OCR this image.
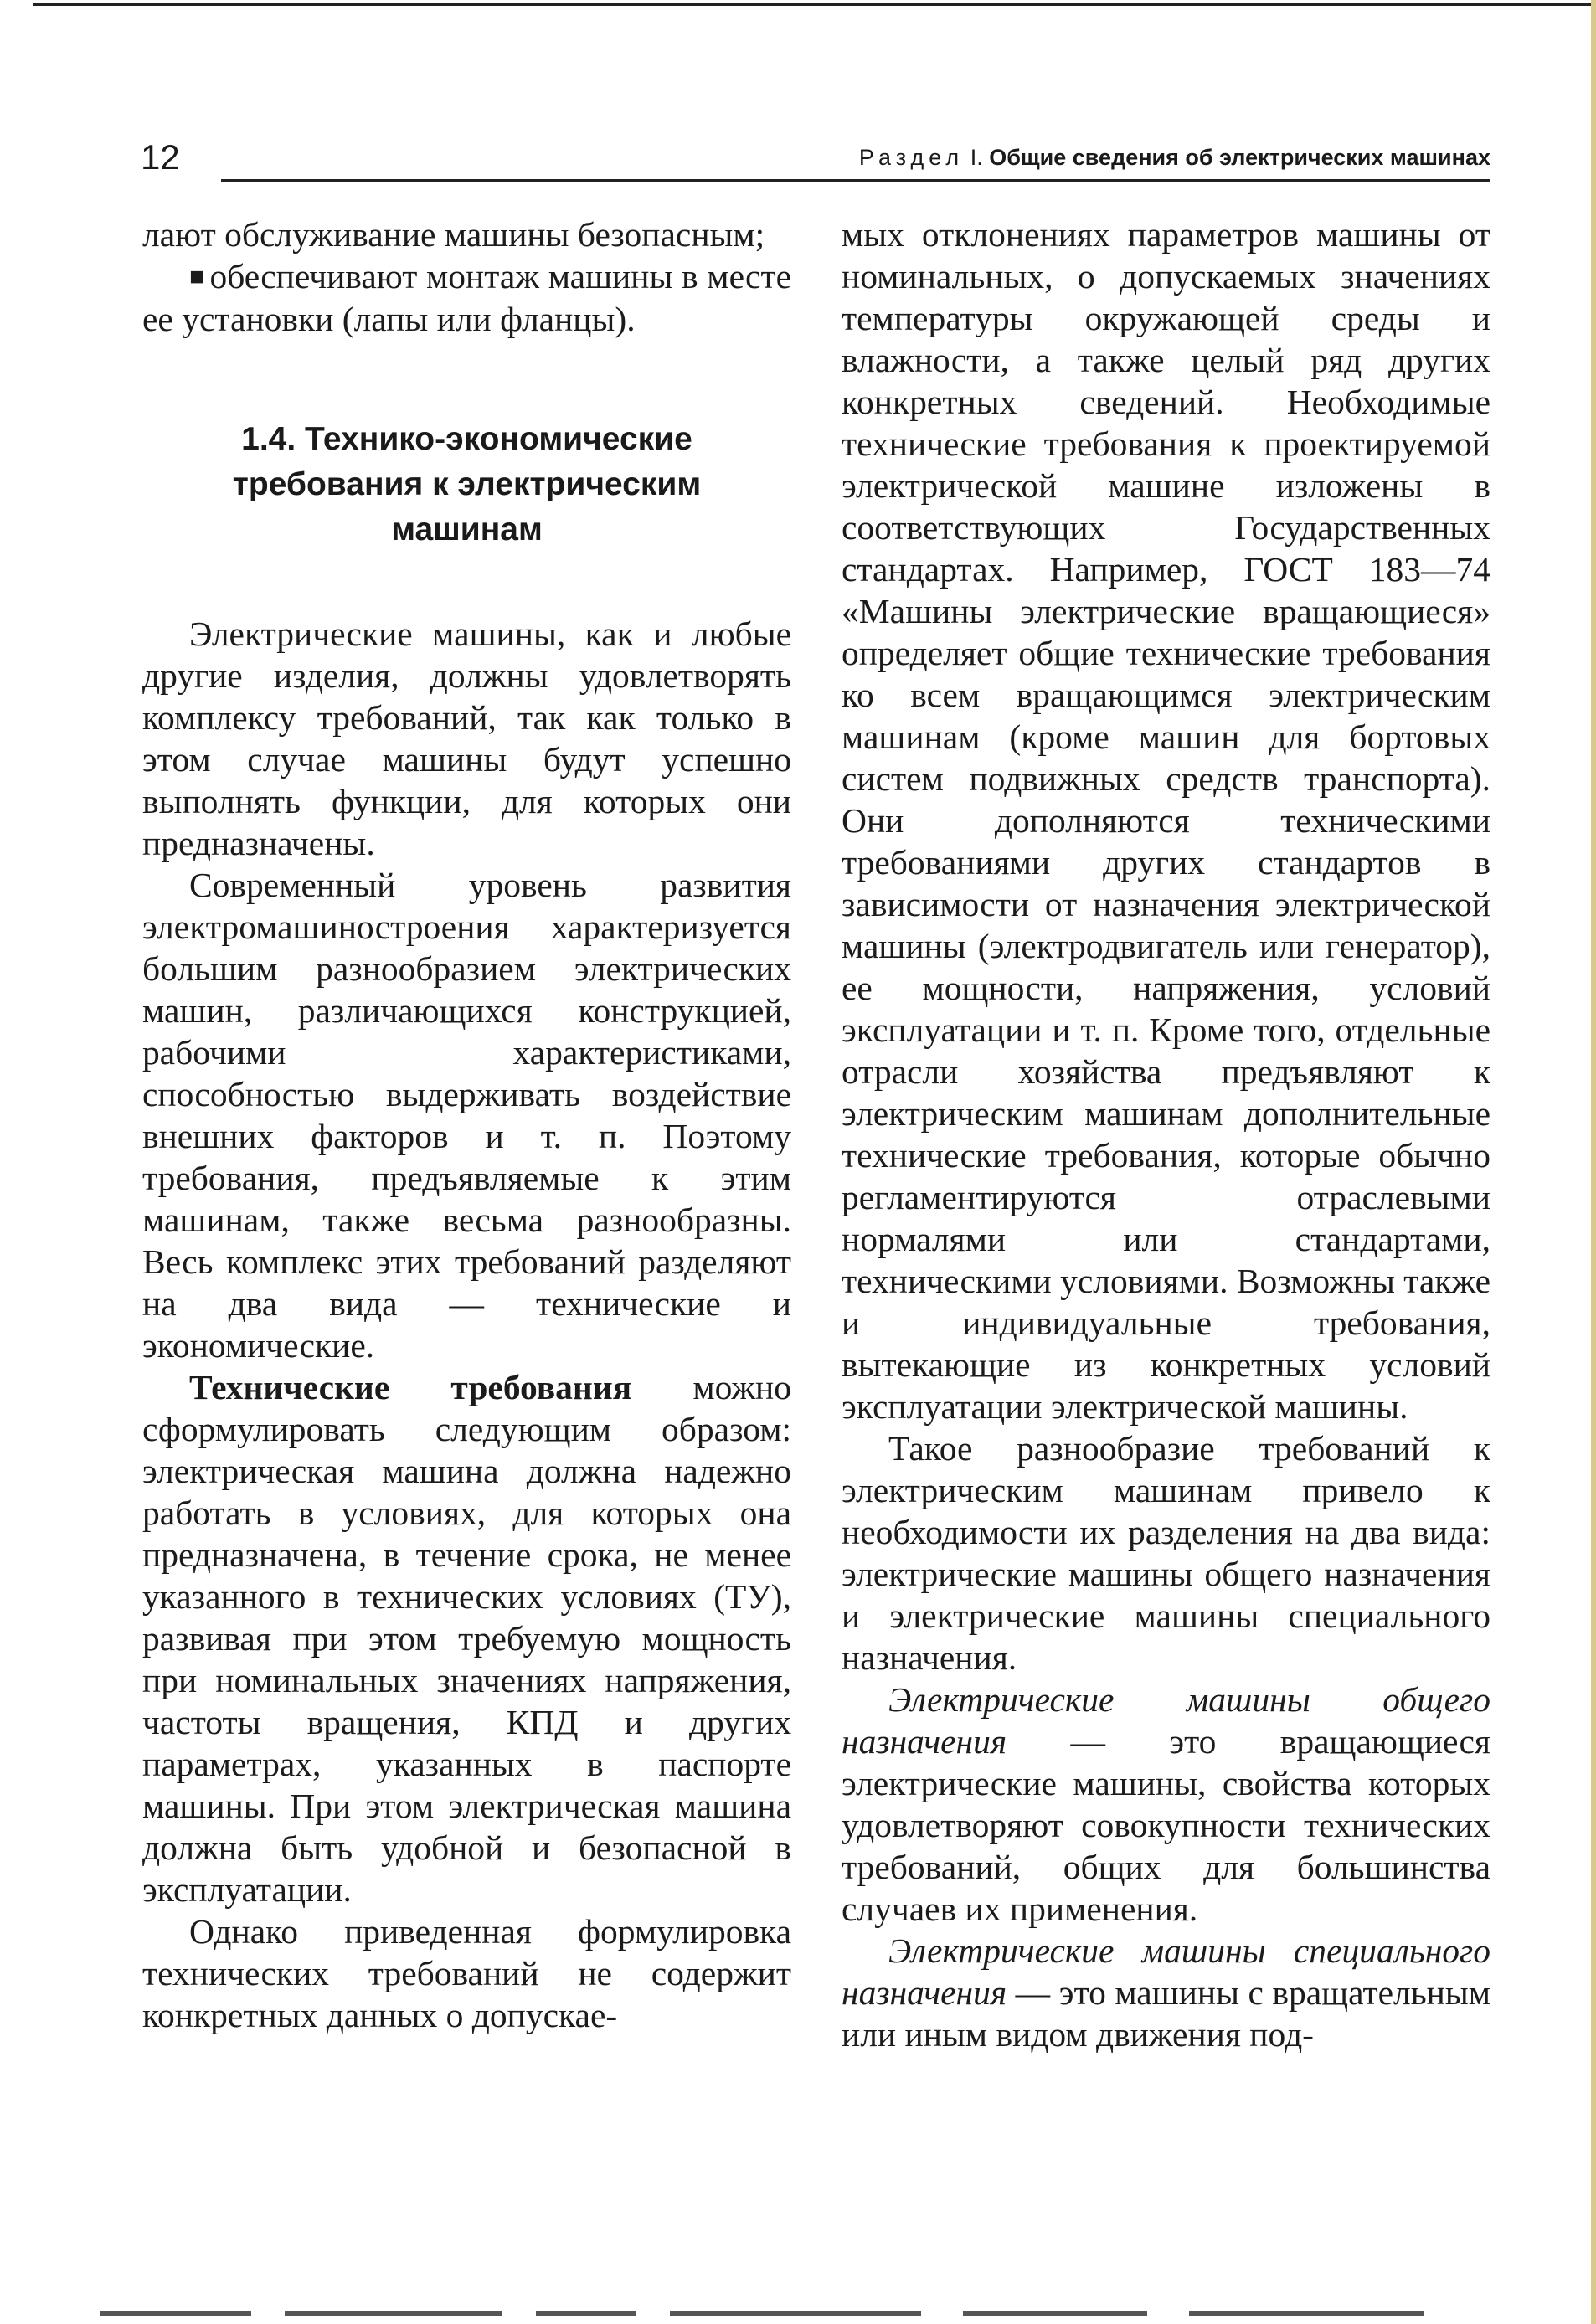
12	Раздел I. Общие сведения об электрических машинах

лают обслуживание машины безопасным;

■ обеспечивают монтаж машины в месте ее установки (лапы или фланцы).

1.4. Технико-экономические требования к электрическим машинам

Электрические машины, как и любые другие изделия, должны удовлетворять комплексу требований, так как только в этом случае машины будут успешно выполнять функции, для которых они предназначены.

Современный уровень развития электромашиностроения характеризуется большим разнообразием электрических машин, различающихся конструкцией, рабочими характеристиками, способностью выдерживать воздействие внешних факторов и т. п. Поэтому требования, предъявляемые к этим машинам, также весьма разнообразны. Весь комплекс этих требований разделяют на два вида — технические и экономические.

Технические требования можно сформулировать следующим образом: электрическая машина должна надежно работать в условиях, для которых она предназначена, в течение срока, не менее указанного в технических условиях (ТУ), развивая при этом требуемую мощность при номинальных значениях напряжения, частоты вращения, КПД и других параметрах, указанных в паспорте машины. При этом электрическая машина должна быть удобной и безопасной в эксплуатации.

Однако приведенная формулировка технических требований не содержит конкретных данных о допускае-

мых отклонениях параметров машины от номинальных, о допускаемых значениях температуры окружающей среды и влажности, а также целый ряд других конкретных сведений. Необходимые технические требования к проектируемой электрической машине изложены в соответствующих Государственных стандартах. Например, ГОСТ 183—74 «Машины электрические вращающиеся» определяет общие технические требования ко всем вращающимся электрическим машинам (кроме машин для бортовых систем подвижных средств транспорта). Они дополняются техническими требованиями других стандартов в зависимости от назначения электрической машины (электродвигатель или генератор), ее мощности, напряжения, условий эксплуатации и т. п. Кроме того, отдельные отрасли хозяйства предъявляют к электрическим машинам дополнительные технические требования, которые обычно регламентируются отраслевыми нормалями или стандартами, техническими условиями. Возможны также и индивидуальные требования, вытекающие из конкретных условий эксплуатации электрической машины.

Такое разнообразие требований к электрическим машинам привело к необходимости их разделения на два вида: электрические машины общего назначения и электрические машины специального назначения.

Электрические машины общего назначения — это вращающиеся электрические машины, свойства которых удовлетворяют совокупности технических требований, общих для большинства случаев их применения.

Электрические машины специального назначения — это машины с вращательным или иным видом движения под-
